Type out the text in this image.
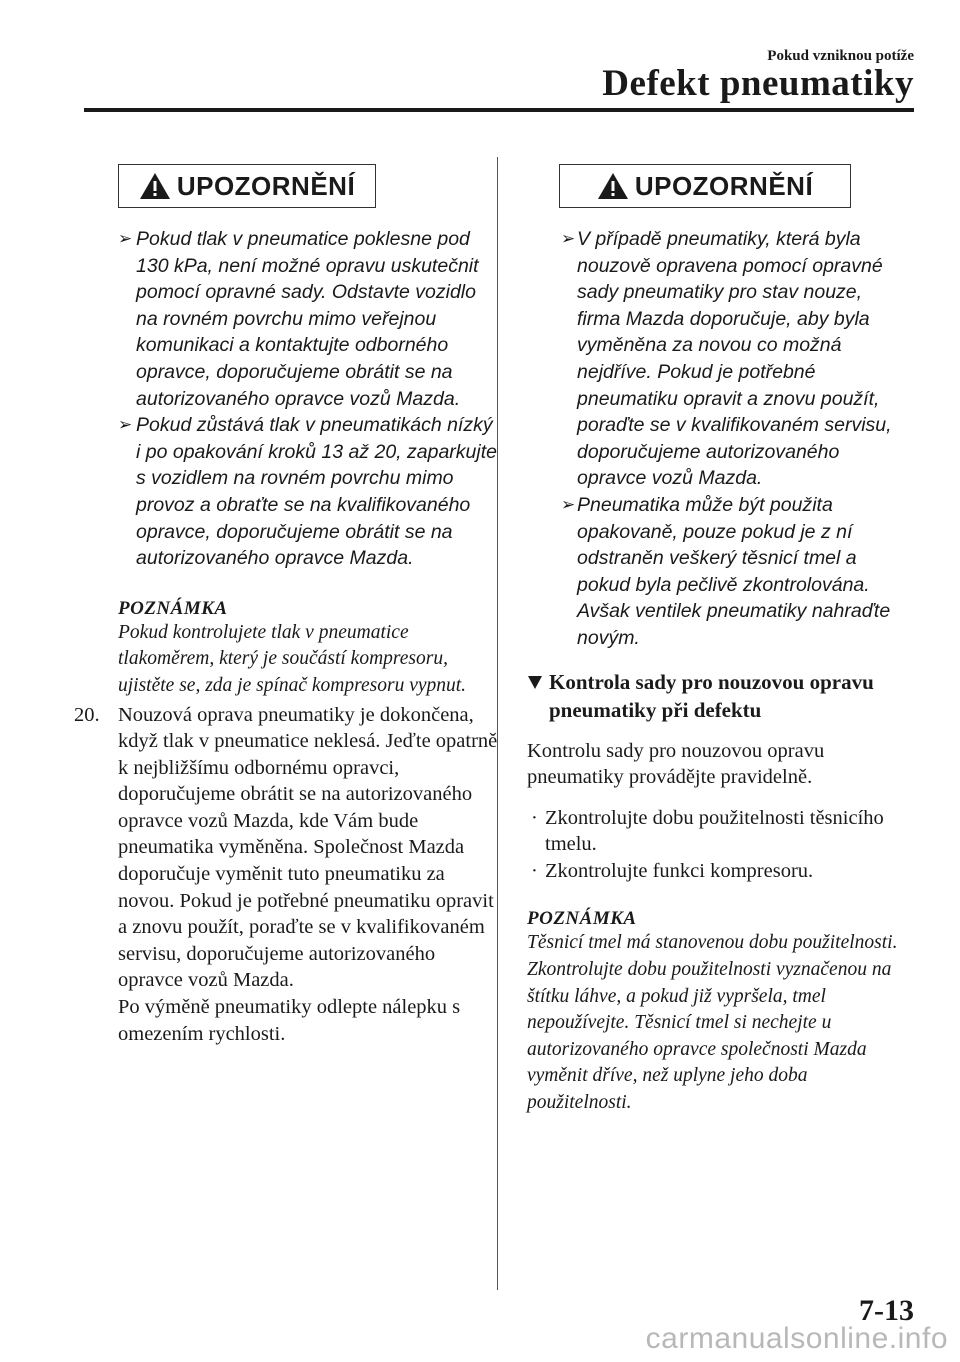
Pokud vzniknou potíže
Defekt pneumatiky
UPOZORNĚNÍ
➢ Pokud tlak v pneumatice poklesne pod 130 kPa, není možné opravu uskutečnit pomocí opravné sady. Odstavte vozidlo na rovném povrchu mimo veřejnou komunikaci a kontaktujte odborného opravce, doporučujeme obrátit se na autorizovaného opravce vozů Mazda.
➢ Pokud zůstává tlak v pneumatikách nízký i po opakování kroků 13 až 20, zaparkujte s vozidlem na rovném povrchu mimo provoz a obraťte se na kvalifikovaného opravce, doporučujeme obrátit se na autorizovaného opravce Mazda.
POZNÁMKA
Pokud kontrolujete tlak v pneumatice tlakoměrem, který je součástí kompresoru, ujistěte se, zda je spínač kompresoru vypnut.
20. Nouzová oprava pneumatiky je dokončena, když tlak v pneumatice neklesá. Jeďte opatrně k nejbližšímu odbornému opravci, doporučujeme obrátit se na autorizovaného opravce vozů Mazda, kde Vám bude pneumatika vyměněna. Společnost Mazda doporučuje vyměnit tuto pneumatiku za novou. Pokud je potřebné pneumatiku opravit a znovu použít, poraďte se v kvalifikovaném servisu, doporučujeme autorizovaného opravce vozů Mazda.
Po výměně pneumatiky odlepte nálepku s omezením rychlosti.
UPOZORNĚNÍ
➢ V případě pneumatiky, která byla nouzově opravena pomocí opravné sady pneumatiky pro stav nouze, firma Mazda doporučuje, aby byla vyměněna za novou co možná nejdříve. Pokud je potřebné pneumatiku opravit a znovu použít, poraďte se v kvalifikovaném servisu, doporučujeme autorizovaného opravce vozů Mazda.
➢ Pneumatika může být použita opakovaně, pouze pokud je z ní odstraněn veškerý těsnicí tmel a pokud byla pečlivě zkontrolována. Avšak ventilek pneumatiky nahraďte novým.
Kontrola sady pro nouzovou opravu pneumatiky při defektu
Kontrolu sady pro nouzovou opravu pneumatiky provádějte pravidelně.
· Zkontrolujte dobu použitelnosti těsnicího tmelu.
· Zkontrolujte funkci kompresoru.
POZNÁMKA
Těsnicí tmel má stanovenou dobu použitelnosti. Zkontrolujte dobu použitelnosti vyznačenou na štítku láhve, a pokud již vypršela, tmel nepoužívejte. Těsnicí tmel si nechejte u autorizovaného opravce společnosti Mazda vyměnit dříve, než uplyne jeho doba použitelnosti.
7-13
carmanualsonline.info
